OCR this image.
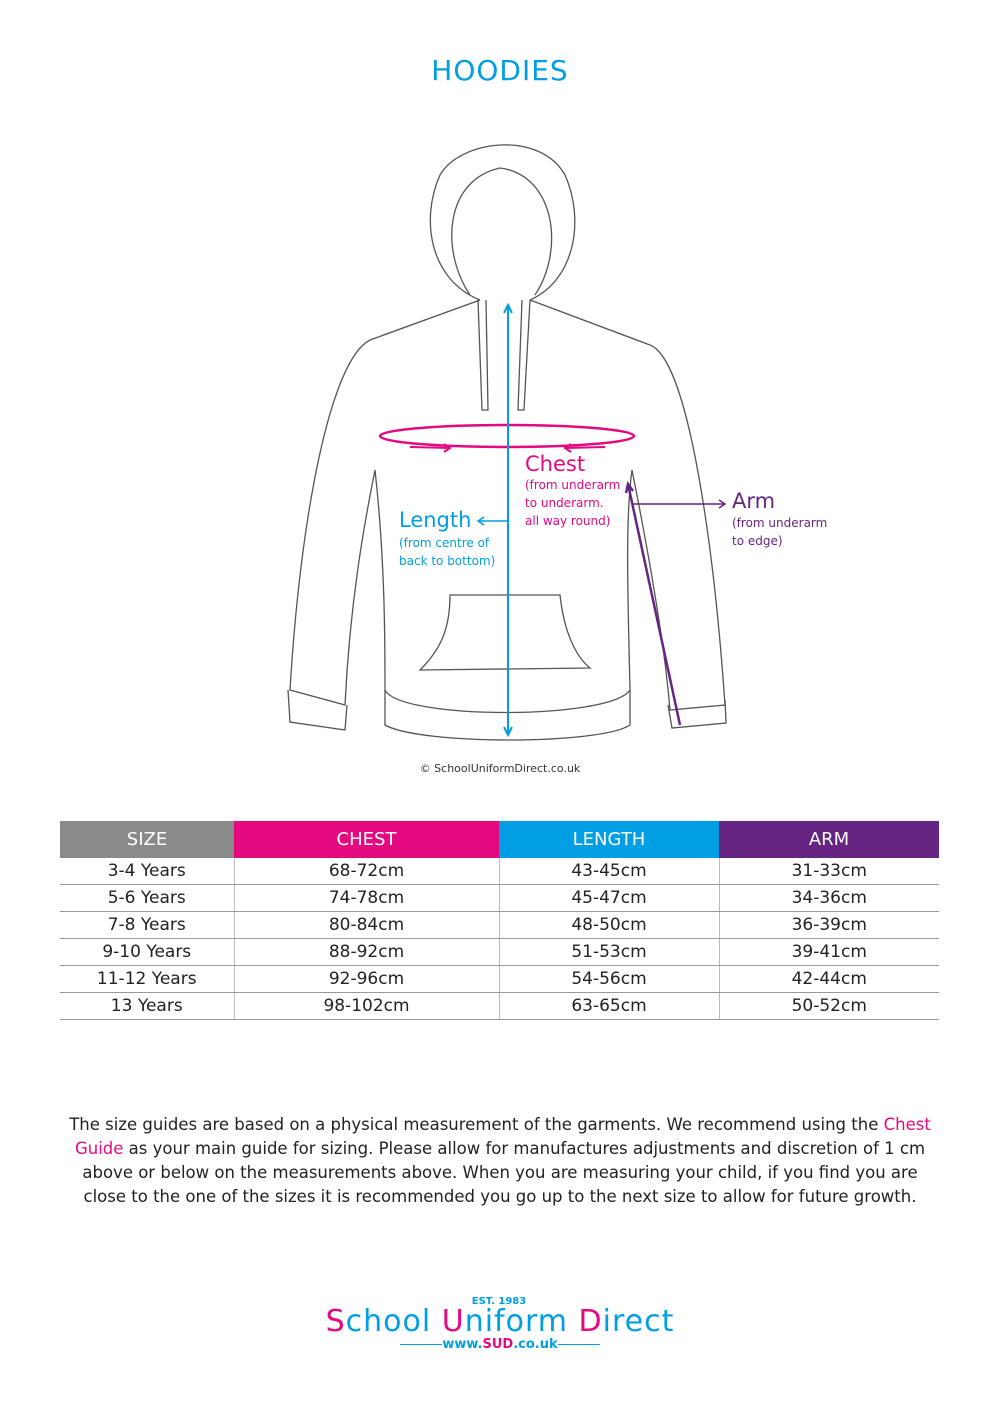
HOODIES
Chest
(from underarm
to underarm.
all way round)
Length
(from centre of
back to bottom)
Arm
(from underarm
to edge)
© SchoolUniformDirect.co.uk
SIZE	CHEST	LENGTH	ARM
3-4 Years	68-72cm	43-45cm	31-33cm
5-6 Years	74-78cm	45-47cm	34-36cm
7-8 Years	80-84cm	48-50cm	36-39cm
9-10 Years	88-92cm	51-53cm	39-41cm
11-12 Years	92-96cm	54-56cm	42-44cm
13 Years	98-102cm	63-65cm	50-52cm
The size guides are based on a physical measurement of the garments. We recommend using the Chest Guide as your main guide for sizing. Please allow for manufactures adjustments and discretion of 1 cm above or below on the measurements above. When you are measuring your child, if you find you are close to the one of the sizes it is recommended you go up to the next size to allow for future growth.
EST. 1983
School Uniform Direct
www.SUD.co.uk
